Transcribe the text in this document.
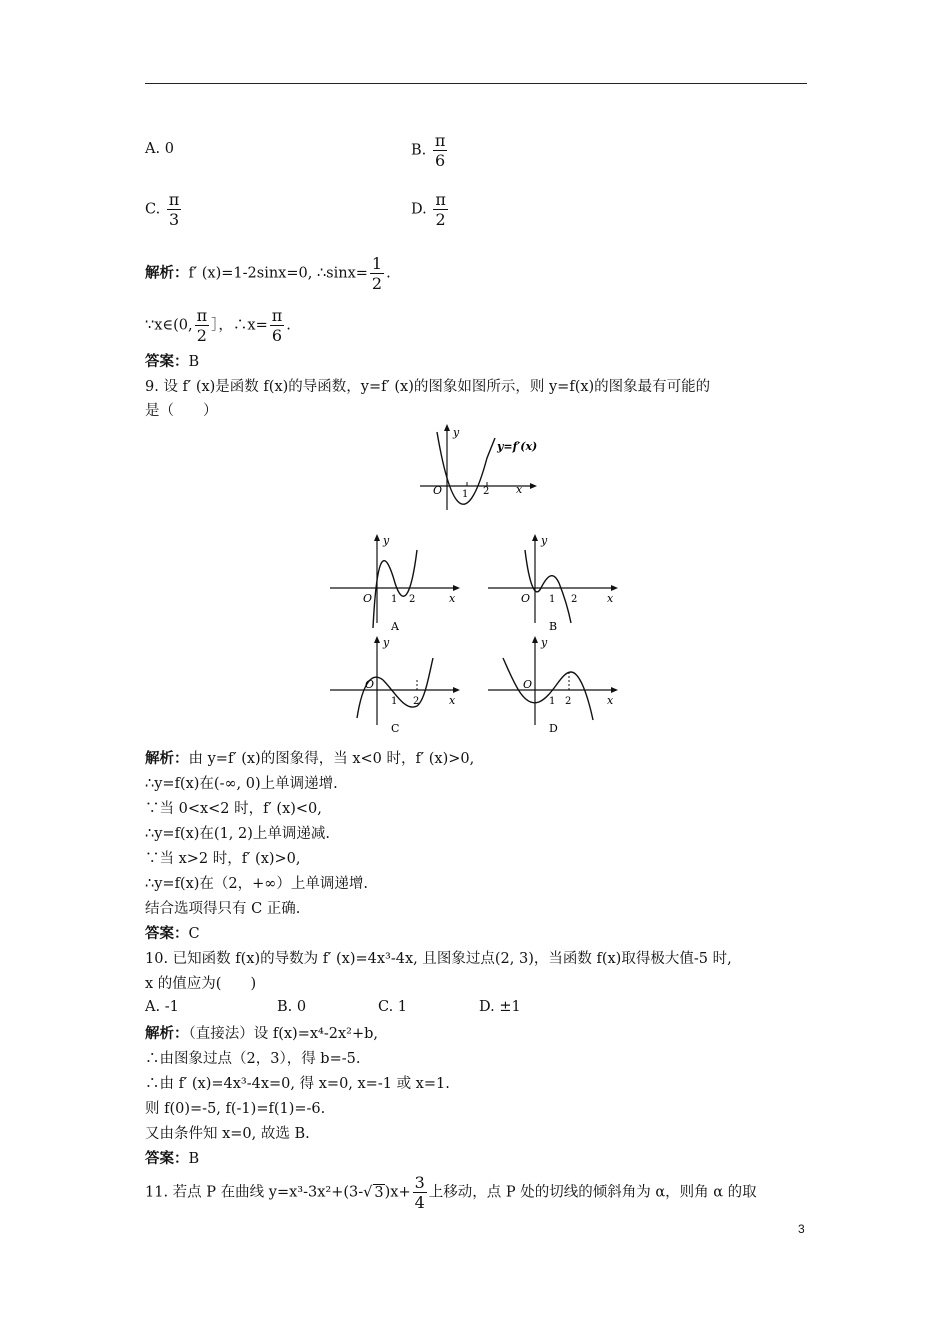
A. 0	B. $\frac{\pi}{6}$
C. $\frac{\pi}{3}$	D. $\frac{\pi}{2}$
解析：f′ (x)=1-2sinx=0, ∴sinx= $\frac{1}{2}$ .
∵x∈(0, $\frac{\pi}{2}$ ］，∴x= $\frac{\pi}{6}$ .
答案：B
9. 设 f′ (x)是函数 f(x)的导函数，y=f′ (x)的图象如图所示，则 y=f(x)的图象最有可能的
是（　　）
y
x
O 1 2
y=f′(x)
y
x
O 1 2
A
y
x
O 1 2
B
y
x
O
1 2
C
y
x
O
1 2
D
解析：由 y=f′ (x)的图象得，当 x<0 时，f′ (x)>0,
∴y=f(x)在(-∞, 0)上单调递增.
∵当 0<x<2 时，f′ (x)<0,
∴y=f(x)在(1, 2)上单调递减.
∵当 x>2 时，f′ (x)>0,
∴y=f(x)在（2，+∞）上单调递增.
结合选项得只有 C 正确.
答案：C
10. 已知函数 f(x)的导数为 f′ (x)=4x³-4x, 且图象过点(2, 3)，当函数 f(x)取得极大值-5 时,
x 的值应为(　　)
A. -1	B. 0	C. 1	D. ±1
解析：（直接法）设 f(x)=x⁴-2x²+b,
∴由图象过点（2，3），得 b=-5.
∴由 f′ (x)=4x³-4x=0, 得 x=0, x=-1 或 x=1.
则 f(0)=-5, f(-1)=f(1)=-6.
又由条件知 x=0, 故选 B.
答案：B
11. 若点 P 在曲线 y=x³-3x²+(3-√ $3)x+ \frac{3}{4}$ 上移动，点 P 处的切线的倾斜角为 α，则角 α 的取
3
